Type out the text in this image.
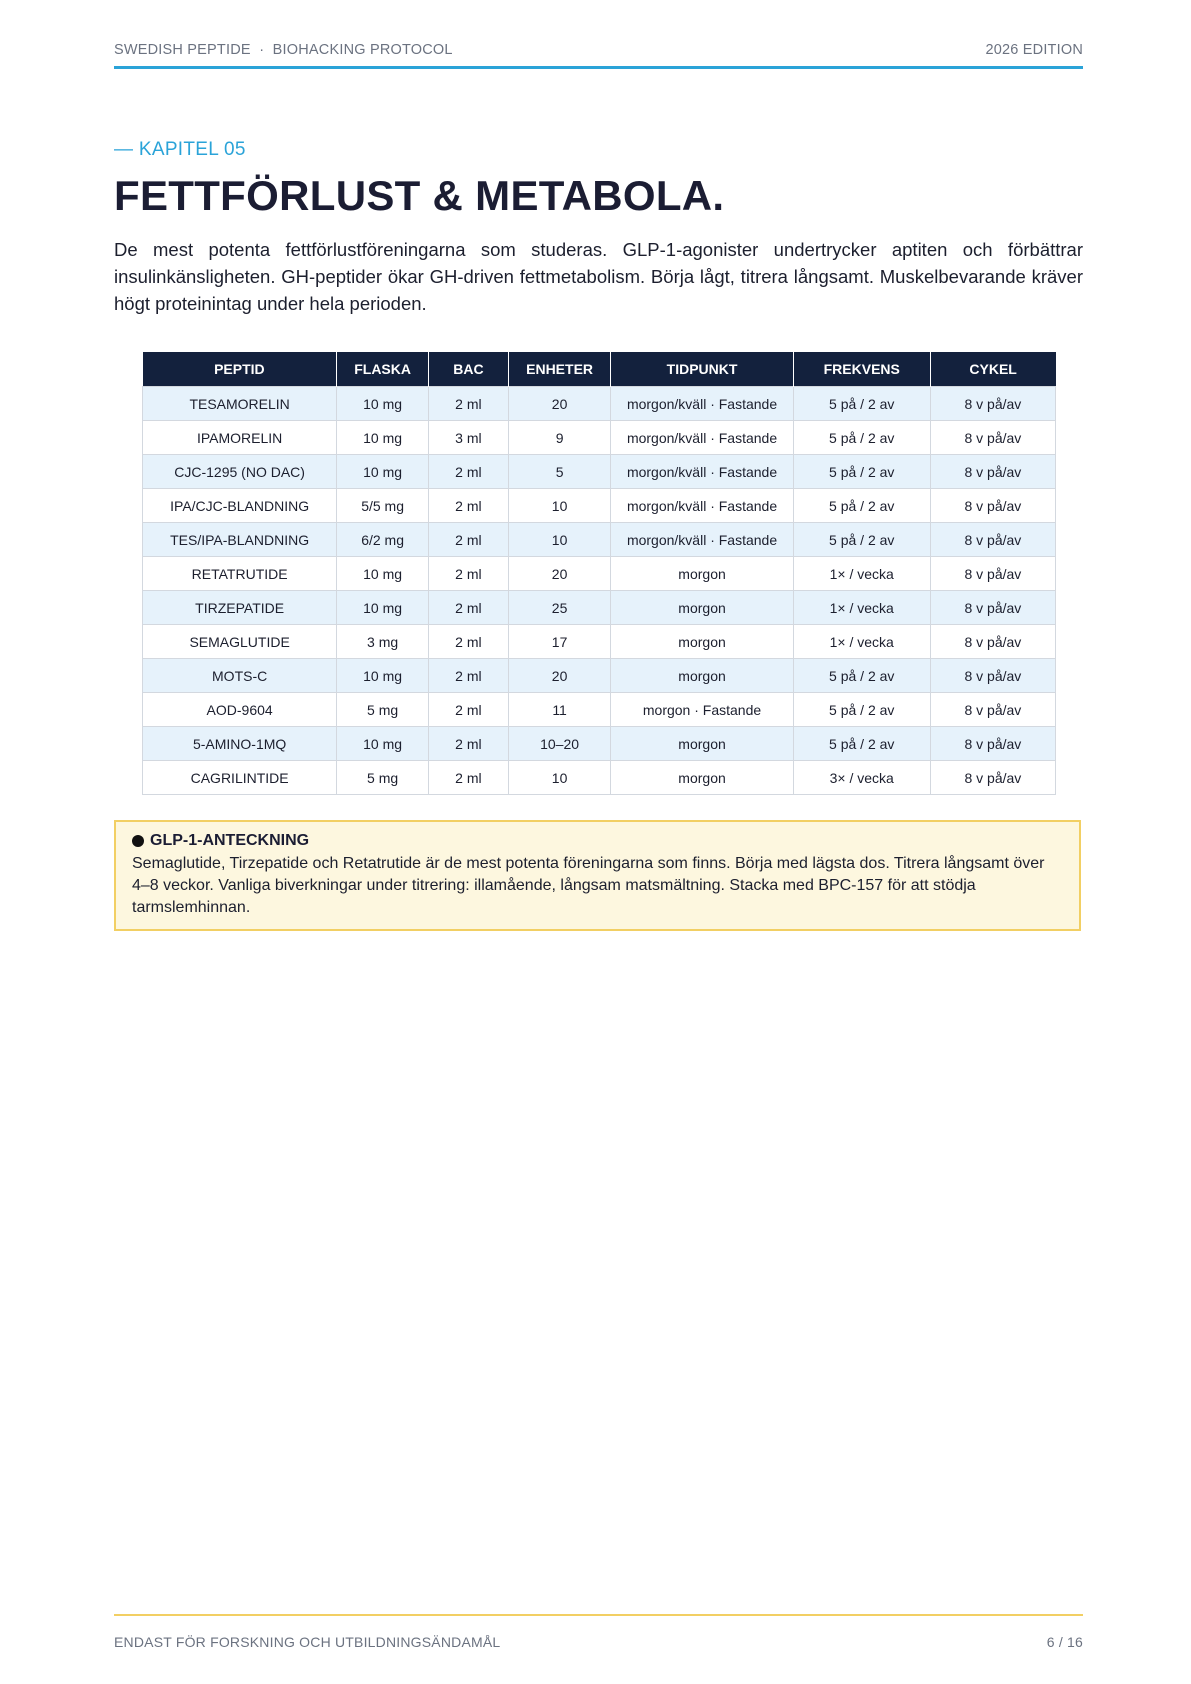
SWEDISH PEPTIDE  ·  BIOHACKING PROTOCOL	2026 EDITION
— KAPITEL 05
FETTFÖRLUST & METABOLA.

De mest potenta fettförlustföreningarna som studeras. GLP-1-agonister undertrycker aptiten och förbättrar insulinkänsligheten. GH-peptider ökar GH-driven fettmetabolism. Börja lågt, titrera långsamt. Muskelbevarande kräver högt proteinintag under hela perioden.

PEPTID	FLASKA	BAC	ENHETER	TIDPUNKT	FREKVENS	CYKEL
TESAMORELIN	10 mg	2 ml	20	morgon/kväll · Fastande	5 på / 2 av	8 v på/av
IPAMORELIN	10 mg	3 ml	9	morgon/kväll · Fastande	5 på / 2 av	8 v på/av
CJC-1295 (NO DAC)	10 mg	2 ml	5	morgon/kväll · Fastande	5 på / 2 av	8 v på/av
IPA/CJC-BLANDNING	5/5 mg	2 ml	10	morgon/kväll · Fastande	5 på / 2 av	8 v på/av
TES/IPA-BLANDNING	6/2 mg	2 ml	10	morgon/kväll · Fastande	5 på / 2 av	8 v på/av
RETATRUTIDE	10 mg	2 ml	20	morgon	1× / vecka	8 v på/av
TIRZEPATIDE	10 mg	2 ml	25	morgon	1× / vecka	8 v på/av
SEMAGLUTIDE	3 mg	2 ml	17	morgon	1× / vecka	8 v på/av
MOTS-C	10 mg	2 ml	20	morgon	5 på / 2 av	8 v på/av
AOD-9604	5 mg	2 ml	11	morgon · Fastande	5 på / 2 av	8 v på/av
5-AMINO-1MQ	10 mg	2 ml	10–20	morgon	5 på / 2 av	8 v på/av
CAGRILINTIDE	5 mg	2 ml	10	morgon	3× / vecka	8 v på/av
GLP-1-ANTECKNING
Semaglutide, Tirzepatide och Retatrutide är de mest potenta föreningarna som finns. Börja med lägsta dos. Titrera långsamt över 4–8 veckor. Vanliga biverkningar under titrering: illamående, långsam matsmältning. Stacka med BPC-157 för att stödja tarmslemhinnan.
ENDAST FÖR FORSKNING OCH UTBILDNINGSÄNDAMÅL	6 / 16
